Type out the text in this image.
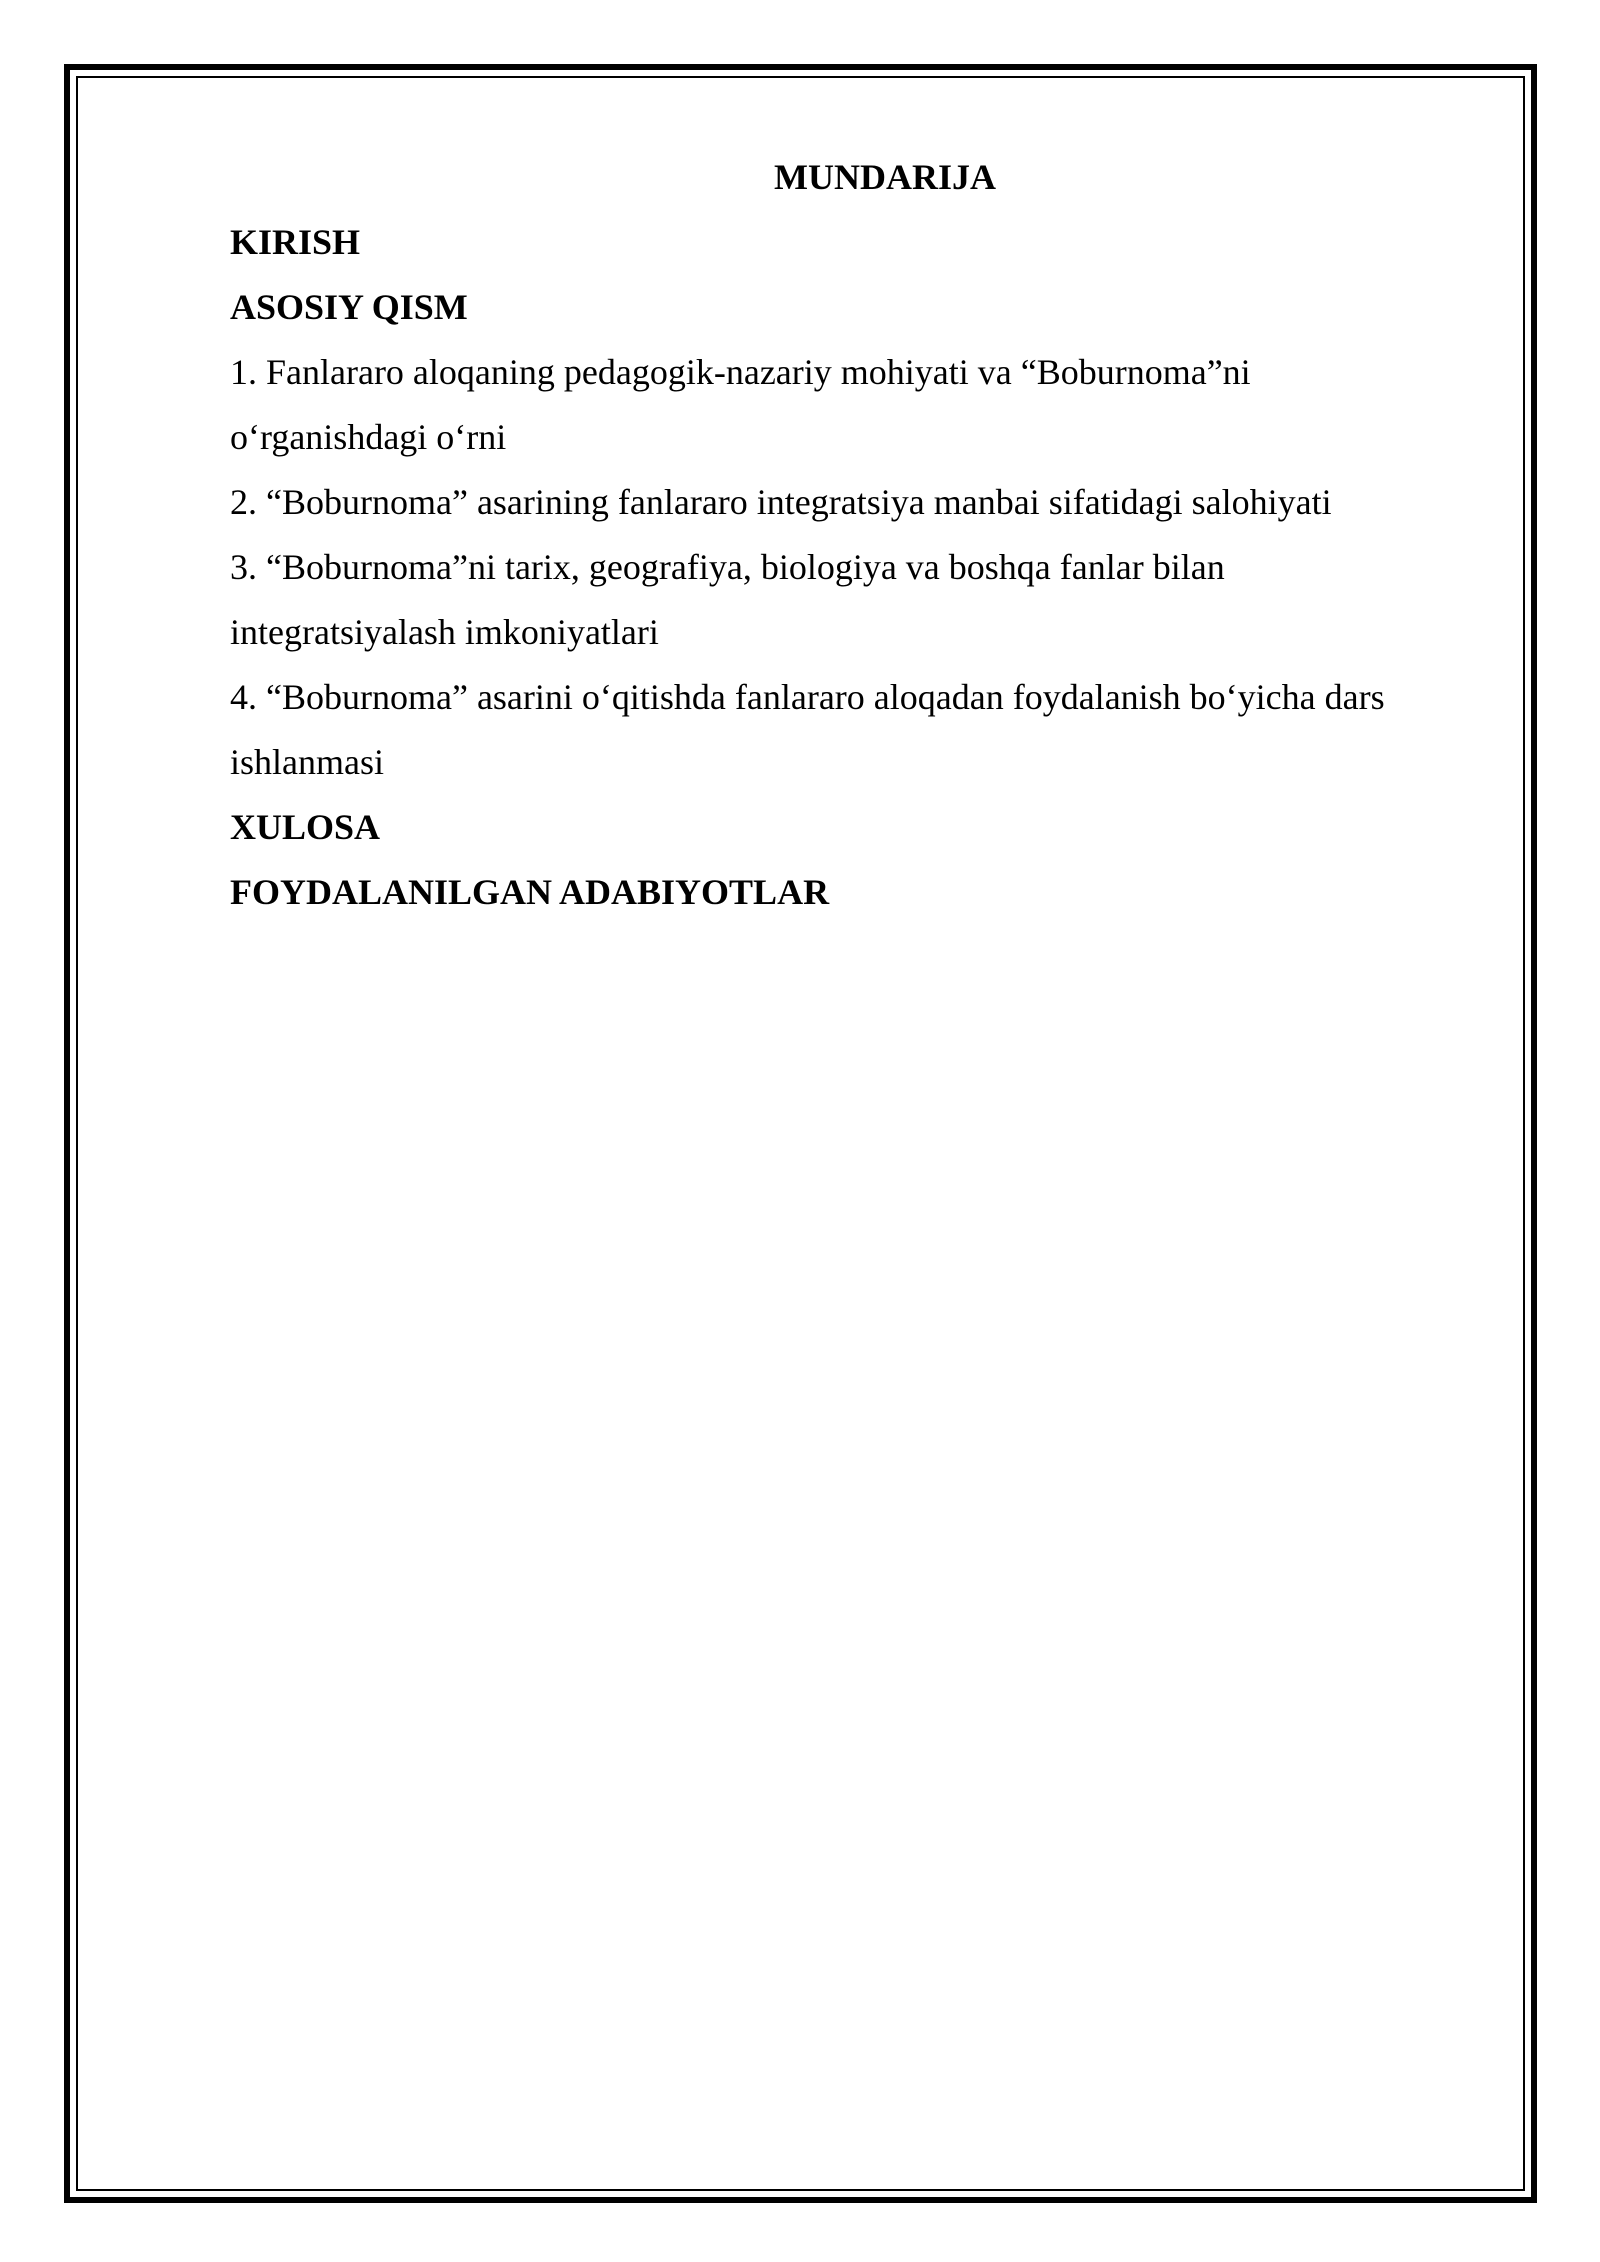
MUNDARIJA
KIRISH
ASOSIY QISM
1. Fanlararo aloqaning pedagogik-nazariy mohiyati va “Boburnoma”ni o‘rganishdagi o‘rni
2. “Boburnoma” asarining fanlararo integratsiya manbai sifatidagi salohiyati
3. “Boburnoma”ni tarix, geografiya, biologiya va boshqa fanlar bilan integratsiyalash imkoniyatlari
4. “Boburnoma” asarini o‘qitishda fanlararo aloqadan foydalanish bo‘yicha dars ishlanmasi
XULOSA
FOYDALANILGAN ADABIYOTLAR
